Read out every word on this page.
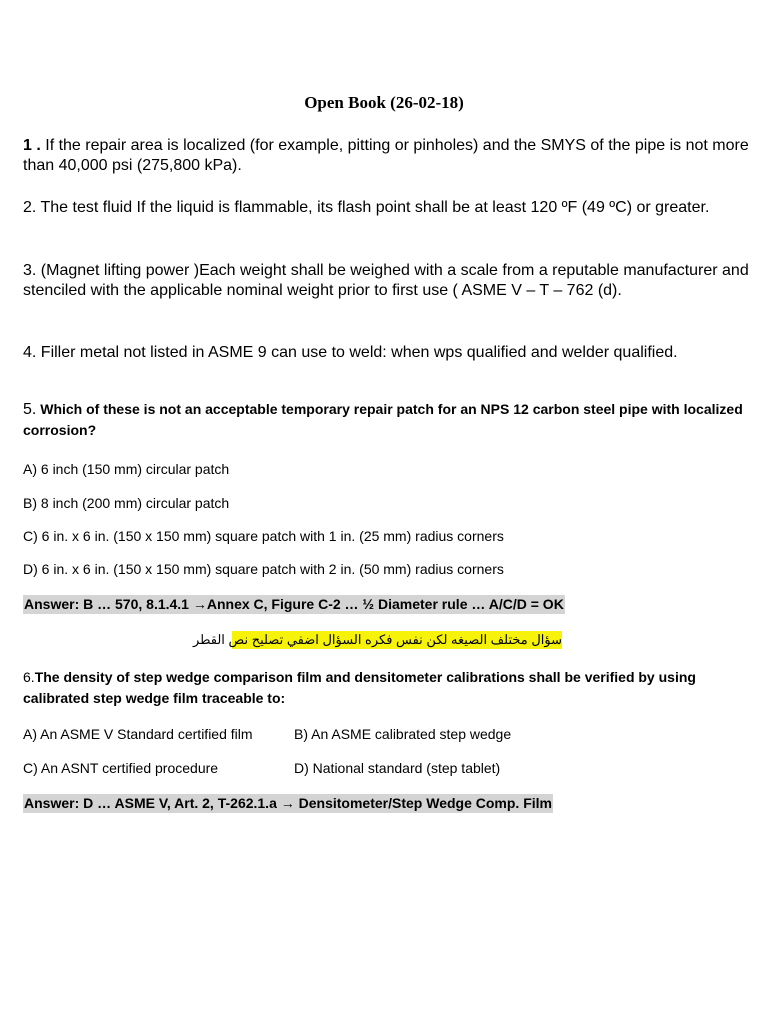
Open Book (26-02-18)
1 . If the repair area is localized (for example, pitting or pinholes) and the SMYS of the pipe is not more than 40,000 psi (275,800 kPa).
2. The test fluid If the liquid is flammable, its flash point shall be at least 120 ºF (49 ºC) or greater.
3. (Magnet lifting power )Each weight shall be weighed with a scale from a reputable manufacturer and stenciled with the applicable nominal weight prior to first use ( ASME V – T – 762 (d).
4. Filler metal not listed in ASME 9 can use to weld: when wps qualified and welder qualified.
5. Which of these is not an acceptable temporary repair patch for an NPS 12 carbon steel pipe with localized corrosion?
A) 6 inch (150 mm) circular patch
B) 8 inch (200 mm) circular patch
C) 6 in. x 6 in. (150 x 150 mm) square patch with 1 in. (25 mm) radius corners
D) 6 in. x 6 in. (150 x 150 mm) square patch with 2 in. (50 mm) radius corners
Answer: B … 570, 8.1.4.1 →Annex C, Figure C-2 … ½ Diameter rule … A/C/D = OK
سؤال مختلف الصيغه لكن نفس فكره السؤال اضفي تصليح نص القطر
6.The density of step wedge comparison film and densitometer calibrations shall be verified by using calibrated step wedge film traceable to:
A) An ASME V Standard certified film	B) An ASME calibrated step wedge
C) An ASNT certified procedure	D) National standard (step tablet)
Answer: D … ASME V, Art. 2, T-262.1.a → Densitometer/Step Wedge Comp. Film
